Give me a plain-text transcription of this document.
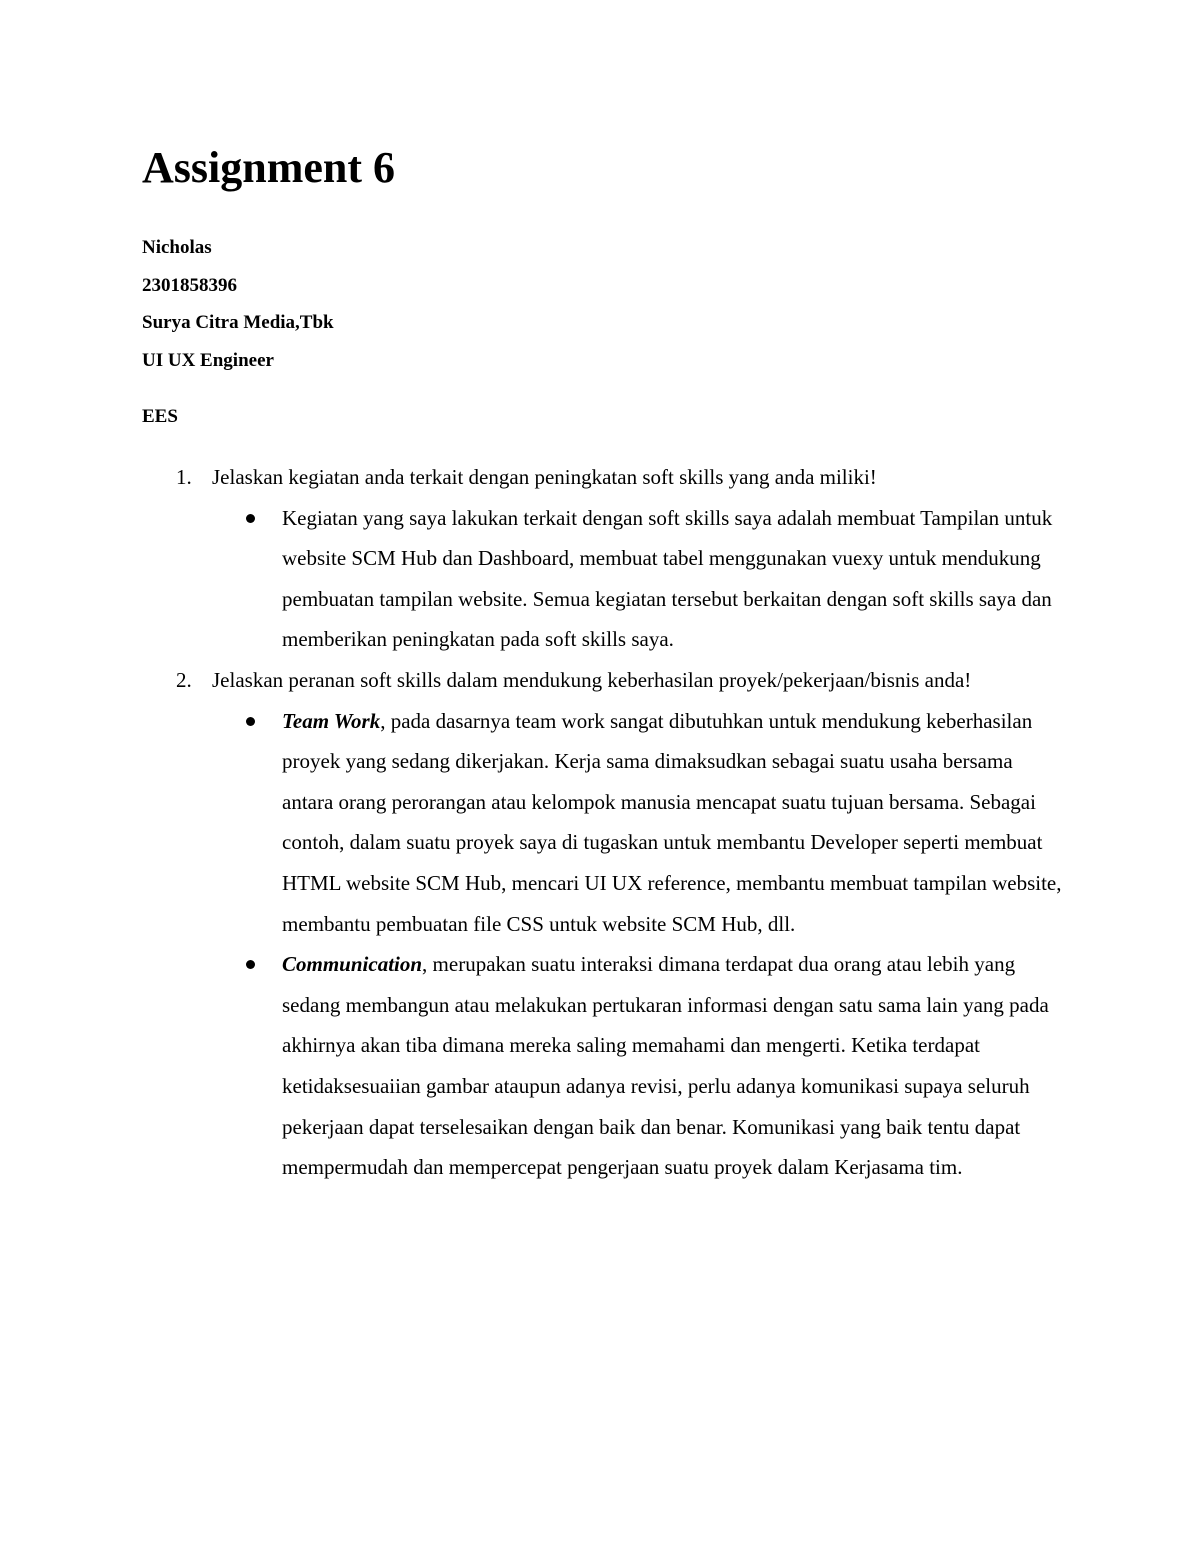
Assignment 6
Nicholas
2301858396
Surya Citra Media,Tbk
UI UX Engineer
EES
1. Jelaskan kegiatan anda terkait dengan peningkatan soft skills yang anda miliki!
Kegiatan yang saya lakukan terkait dengan soft skills saya adalah membuat Tampilan untuk website SCM Hub dan Dashboard, membuat tabel menggunakan vuexy untuk mendukung pembuatan tampilan website. Semua kegiatan tersebut berkaitan dengan soft skills saya dan memberikan peningkatan pada soft skills saya.
2. Jelaskan peranan soft skills dalam mendukung keberhasilan proyek/pekerjaan/bisnis anda!
Team Work, pada dasarnya team work sangat dibutuhkan untuk mendukung keberhasilan proyek yang sedang dikerjakan. Kerja sama dimaksudkan sebagai suatu usaha bersama antara orang perorangan atau kelompok manusia mencapat suatu tujuan bersama. Sebagai contoh, dalam suatu proyek saya di tugaskan untuk membantu Developer seperti membuat HTML website SCM Hub, mencari UI UX reference, membantu membuat tampilan website, membantu pembuatan file CSS untuk website SCM Hub, dll.
Communication, merupakan suatu interaksi dimana terdapat dua orang atau lebih yang sedang membangun atau melakukan pertukaran informasi dengan satu sama lain yang pada akhirnya akan tiba dimana mereka saling memahami dan mengerti. Ketika terdapat ketidaksesuaiian gambar ataupun adanya revisi, perlu adanya komunikasi supaya seluruh pekerjaan dapat terselesaikan dengan baik dan benar. Komunikasi yang baik tentu dapat mempermudah dan mempercepat pengerjaan suatu proyek dalam Kerjasama tim.
